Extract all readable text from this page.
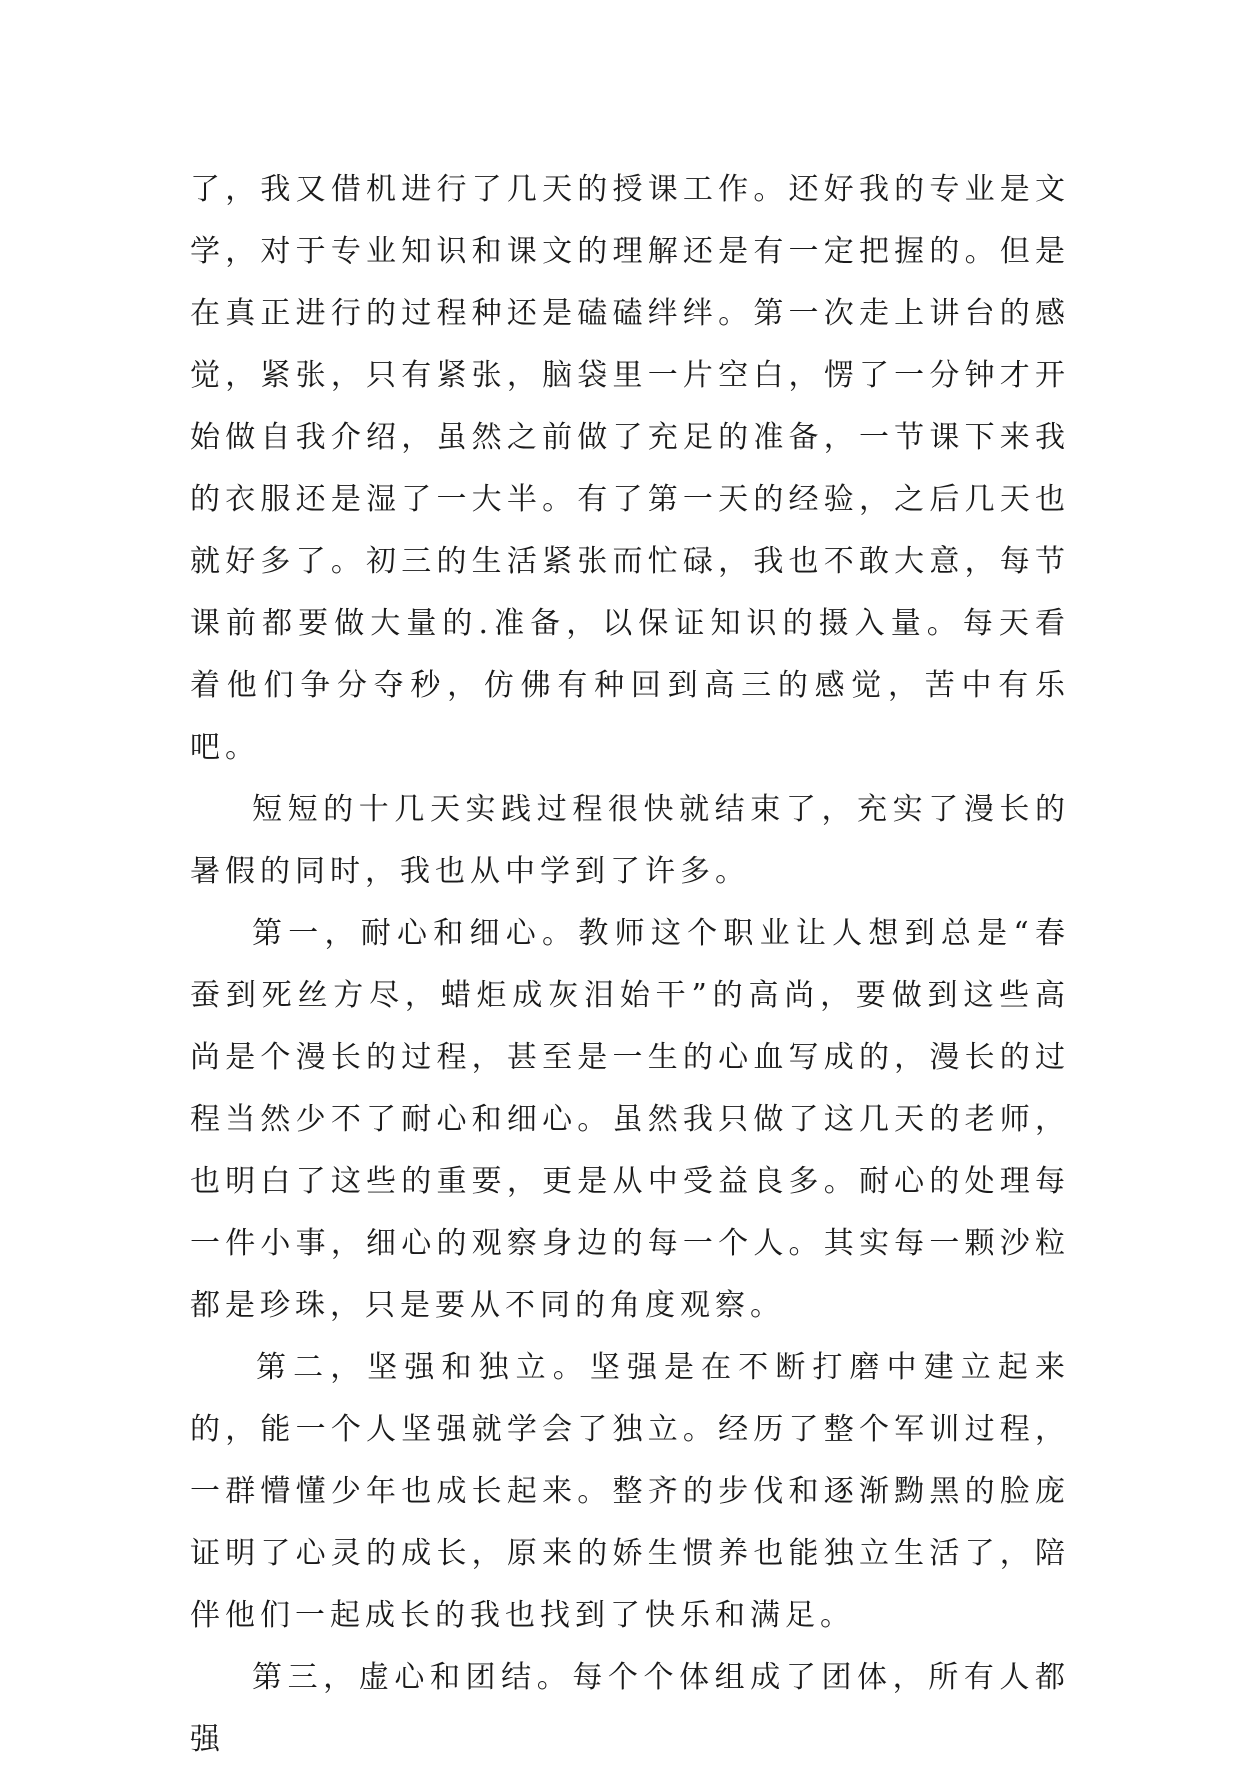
了，我又借机进行了几天的授课工作。还好我的专业是文学，对于专业知识和课文的理解还是有一定把握的。但是在真正进行的过程种还是磕磕绊绊。第一次走上讲台的感觉，紧张，只有紧张，脑袋里一片空白，愣了一分钟才开始做自我介绍，虽然之前做了充足的准备，一节课下来我的衣服还是湿了一大半。有了第一天的经验，之后几天也就好多了。初三的生活紧张而忙碌，我也不敢大意，每节课前都要做大量的.准备，以保证知识的摄入量。每天看着他们争分夺秒，仿佛有种回到高三的感觉，苦中有乐吧。

短短的十几天实践过程很快就结束了，充实了漫长的暑假的同时，我也从中学到了许多。

第一，耐心和细心。教师这个职业让人想到总是“春蚕到死丝方尽，蜡炬成灰泪始干”的高尚，要做到这些高尚是个漫长的过程，甚至是一生的心血写成的，漫长的过程当然少不了耐心和细心。虽然我只做了这几天的老师，也明白了这些的重要，更是从中受益良多。耐心的处理每一件小事，细心的观察身边的每一个人。其实每一颗沙粒都是珍珠，只是要从不同的角度观察。

第二，坚强和独立。坚强是在不断打磨中建立起来的，能一个人坚强就学会了独立。经历了整个军训过程，一群懵懂少年也成长起来。整齐的步伐和逐渐黝黑的脸庞证明了心灵的成长，原来的娇生惯养也能独立生活了，陪伴他们一起成长的我也找到了快乐和满足。

第三，虚心和团结。每个个体组成了团体，所有人都强
